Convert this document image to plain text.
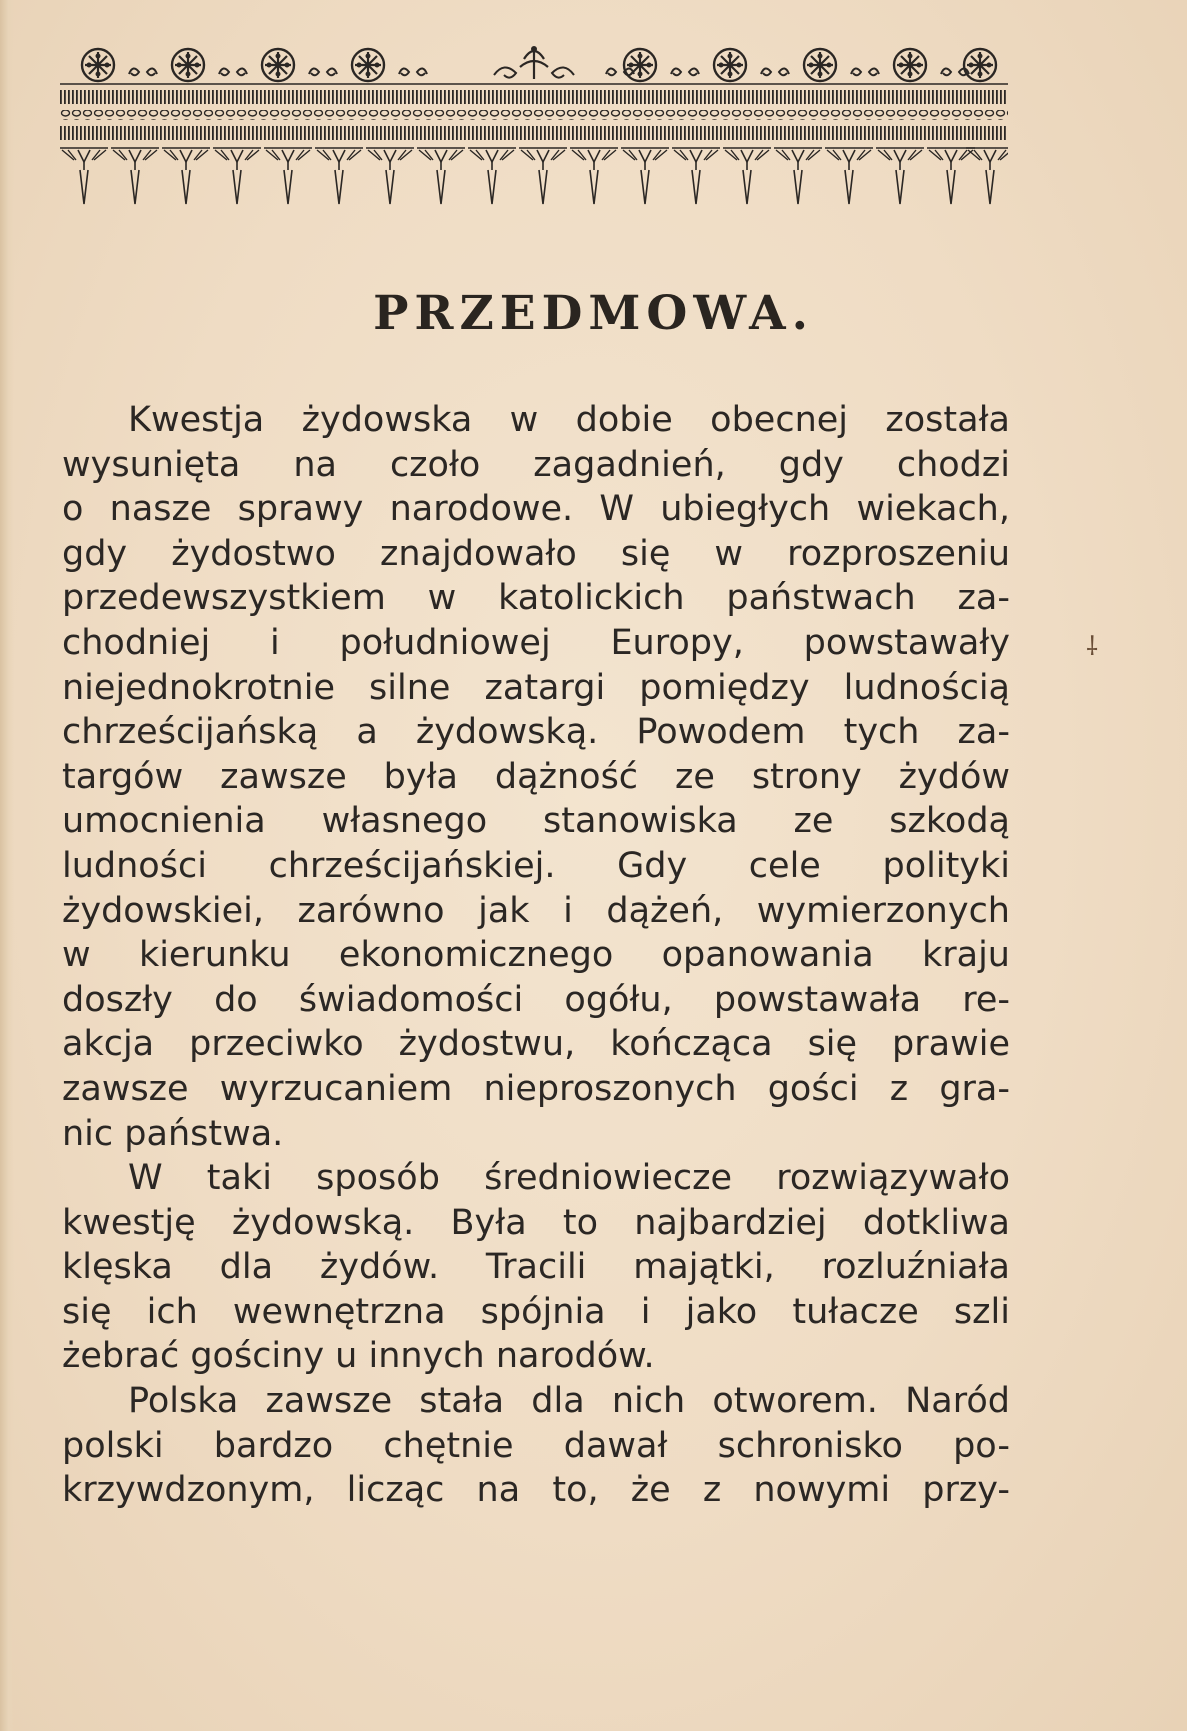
PRZEDMOWA.
Kwestja żydowska w dobie obecnej została
wysunięta na czoło zagadnień, gdy chodzi
o nasze sprawy narodowe. W ubiegłych wiekach,
gdy żydostwo znajdowało się w rozproszeniu
przedewszystkiem w katolickich państwach za-
chodniej i południowej Europy, powstawały
niejednokrotnie silne zatargi pomiędzy ludnością
chrześcijańską a żydowską. Powodem tych za-
targów zawsze była dążność ze strony żydów
umocnienia własnego stanowiska ze szkodą
ludności chrześcijańskiej. Gdy cele polityki
żydowskiei, zarówno jak i dążeń, wymierzonych
w kierunku ekonomicznego opanowania kraju
doszły do świadomości ogółu, powstawała re-
akcja przeciwko żydostwu, kończąca się prawie
zawsze wyrzucaniem nieproszonych gości z gra-
nic państwa.
W taki sposób średniowiecze rozwiązywało
kwestję żydowską. Była to najbardziej dotkliwa
klęska dla żydów. Tracili majątki, rozluźniała
się ich wewnętrzna spójnia i jako tułacze szli
żebrać gościny u innych narodów.
Polska zawsze stała dla nich otworem. Naród
polski bardzo chętnie dawał schronisko po-
krzywdzonym, licząc na to, że z nowymi przy-
⸸
